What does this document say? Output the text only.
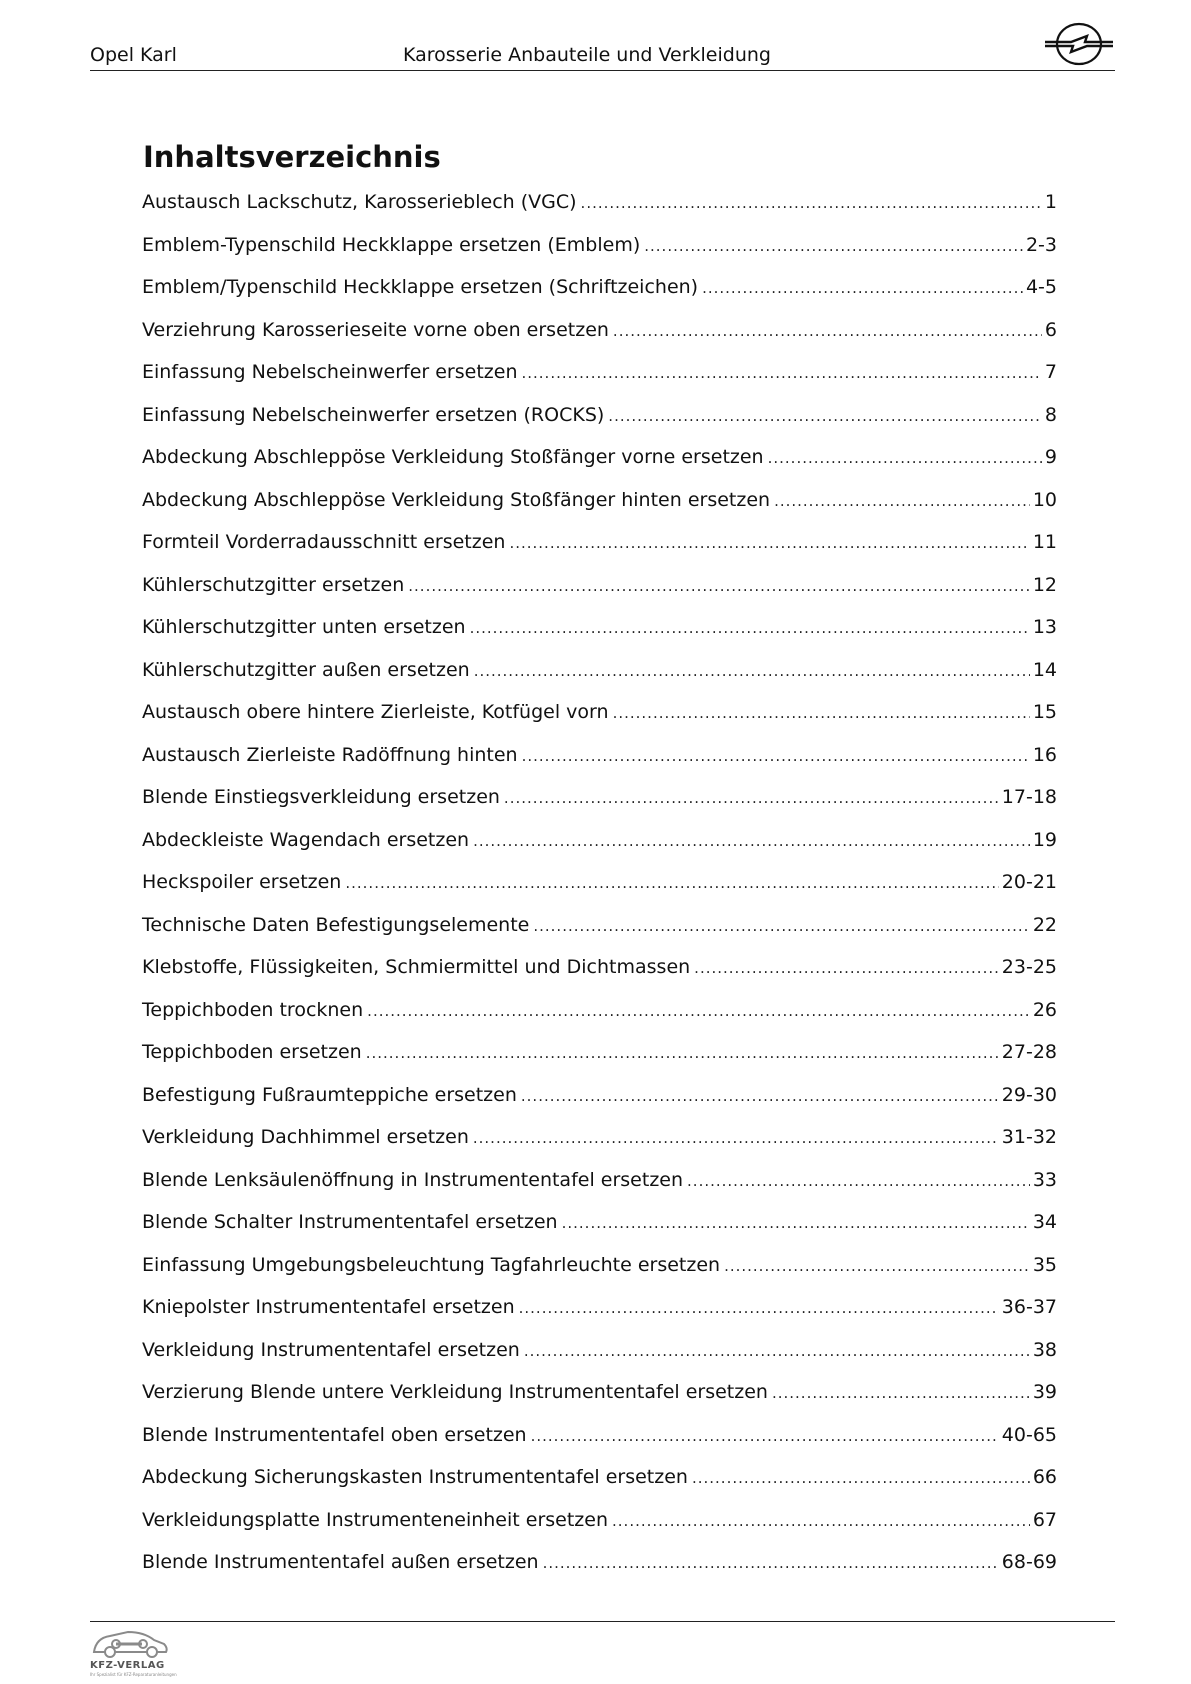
Opel Karl	Karosserie Anbauteile und Verkleidung
Inhaltsverzeichnis
Austausch Lackschutz, Karosserieblech (VGC) .....	1
Emblem-Typenschild Heckklappe ersetzen (Emblem) .....	2-3
Emblem/Typenschild Heckklappe ersetzen (Schriftzeichen) .....	4-5
Verziehrung Karosserieseite vorne oben ersetzen .....	6
Einfassung Nebelscheinwerfer ersetzen .....	7
Einfassung Nebelscheinwerfer ersetzen (ROCKS) .....	8
Abdeckung Abschleppöse Verkleidung Stoßfänger vorne ersetzen .....	9
Abdeckung Abschleppöse Verkleidung Stoßfänger hinten ersetzen .....	10
Formteil Vorderradausschnitt ersetzen .....	11
Kühlerschutzgitter ersetzen .....	12
Kühlerschutzgitter unten ersetzen .....	13
Kühlerschutzgitter außen ersetzen .....	14
Austausch obere hintere Zierleiste, Kotfügel vorn .....	15
Austausch Zierleiste Radöffnung hinten .....	16
Blende Einstiegsverkleidung ersetzen .....	17-18
Abdeckleiste Wagendach ersetzen .....	19
Heckspoiler ersetzen .....	20-21
Technische Daten Befestigungselemente .....	22
Klebstoffe, Flüssigkeiten, Schmiermittel und Dichtmassen .....	23-25
Teppichboden trocknen .....	26
Teppichboden ersetzen .....	27-28
Befestigung Fußraumteppiche ersetzen .....	29-30
Verkleidung Dachhimmel ersetzen .....	31-32
Blende Lenksäulenöffnung in Instrumententafel ersetzen .....	33
Blende Schalter Instrumententafel ersetzen .....	34
Einfassung Umgebungsbeleuchtung Tagfahrleuchte ersetzen .....	35
Kniepolster Instrumententafel ersetzen .....	36-37
Verkleidung Instrumententafel ersetzen .....	38
Verzierung Blende untere Verkleidung Instrumententafel ersetzen .....	39
Blende Instrumententafel oben ersetzen .....	40-65
Abdeckung Sicherungskasten Instrumententafel ersetzen .....	66
Verkleidungsplatte Instrumenteneinheit ersetzen .....	67
Blende Instrumententafel außen ersetzen .....	68-69
KFZ-VERLAG
Ihr Spezialist für KFZ-Reparaturanleitungen
